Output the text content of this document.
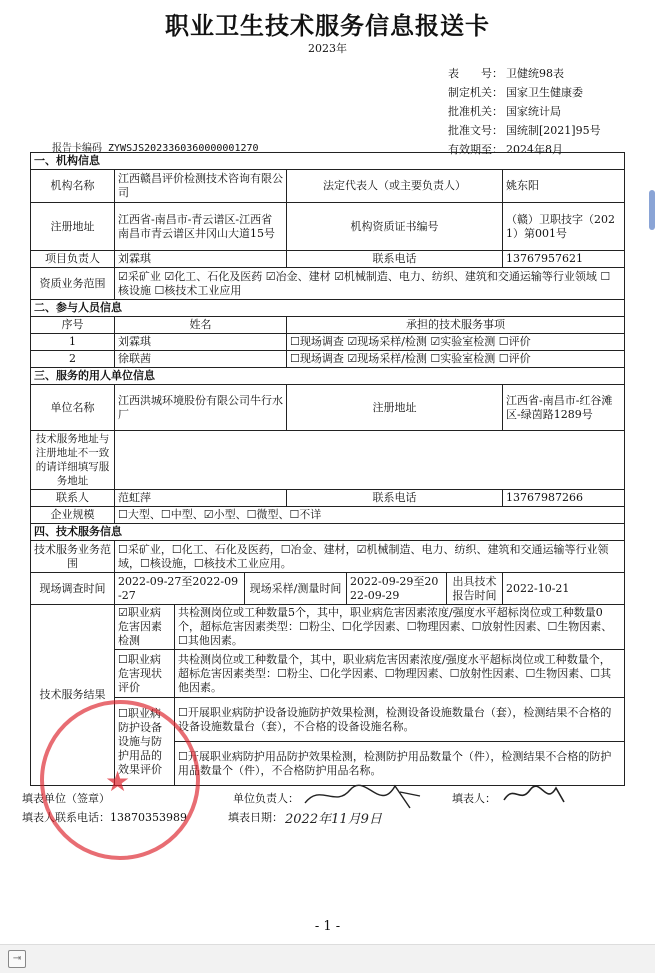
职业卫生技术服务信息报送卡
2023年
表　　号： 卫健统98表
制定机关： 国家卫生健康委
批准机关： 国家统计局
批准文号： 国统制[2021]95号
有效期至： 2024年8月
报告卡编码 ZYWSJS2023360360000001270
一、机构信息							
机构名称	江西赣昌评价检测技术咨询有限公司			法定代表人（或主要负责人）			姚东阳
注册地址	江西省-南昌市-青云谱区-江西省南昌市青云谱区井冈山大道15号			机构资质证书编号			（赣）卫职技字（2021）第001号
项目负责人	刘霖琪			联系电话			13767957621
资质业务范围	☑采矿业 ☑化工、石化及医药 ☑冶金、建材 ☑机械制造、电力、纺织、建筑和交通运输等行业领域 ☐核设施 ☐核技术工业应用						
二、参与人员信息							
序号	姓名			承担的技术服务事项			
1	刘霖琪			☐现场调查 ☑现场采样/检测 ☑实验室检测 ☐评价			
2	徐联茜			☐现场调查 ☑现场采样/检测 ☐实验室检测 ☐评价			
三、服务的用人单位信息							
单位名称	江西洪城环境股份有限公司牛行水厂			注册地址			江西省-南昌市-红谷滩区-绿茵路1289号
技术服务地址与注册地址不一致的请详细填写服务地址							
联系人	范虹萍			联系电话			13767987266
企业规模	☐大型、☐中型、☑小型、☐微型、☐不详						
四、技术服务信息							
技术服务业务范围	☐采矿业，☐化工、石化及医药，☐冶金、建材，☑机械制造、电力、纺织、建筑和交通运输等行业领域，☐核设施，☐核技术工业应用。						
现场调查时间	2022-09-27至2022-09-27		现场采样/测量时间		2022-09-29至2022-09-29	出具技术报告时间	2022-10-21
技术服务结果	☑职业病危害因素检测	共检测岗位或工种数量5个，其中，职业病危害因素浓度/强度水平超标岗位或工种数量0个，超标危害因素类型：☐粉尘、☐化学因素、☐物理因素、☐放射性因素、☐生物因素、☐其他因素。					
	☐职业病危害现状评价	共检测岗位或工种数量个，其中，职业病危害因素浓度/强度水平超标岗位或工种数量个，超标危害因素类型：☐粉尘、☐化学因素、☐物理因素、☐放射性因素、☐生物因素、☐其他因素。					
	☐职业病防护设备设施与防护用品的效果评价	☐开展职业病防护设备设施防护效果检测，检测设备设施数量台（套），检测结果不合格的设备设施数量台（套），不合格的设备设施名称。					
		☐开展职业病防护用品防护效果检测，检测防护用品数量个（件），检测结果不合格的防护用品数量个（件），不合格防护用品名称。					
填表单位（签章）	单位负责人：	填表人：
填表人联系电话：13870353989	填表日期： 2022年11月9日
★
- 1 -
⇥
